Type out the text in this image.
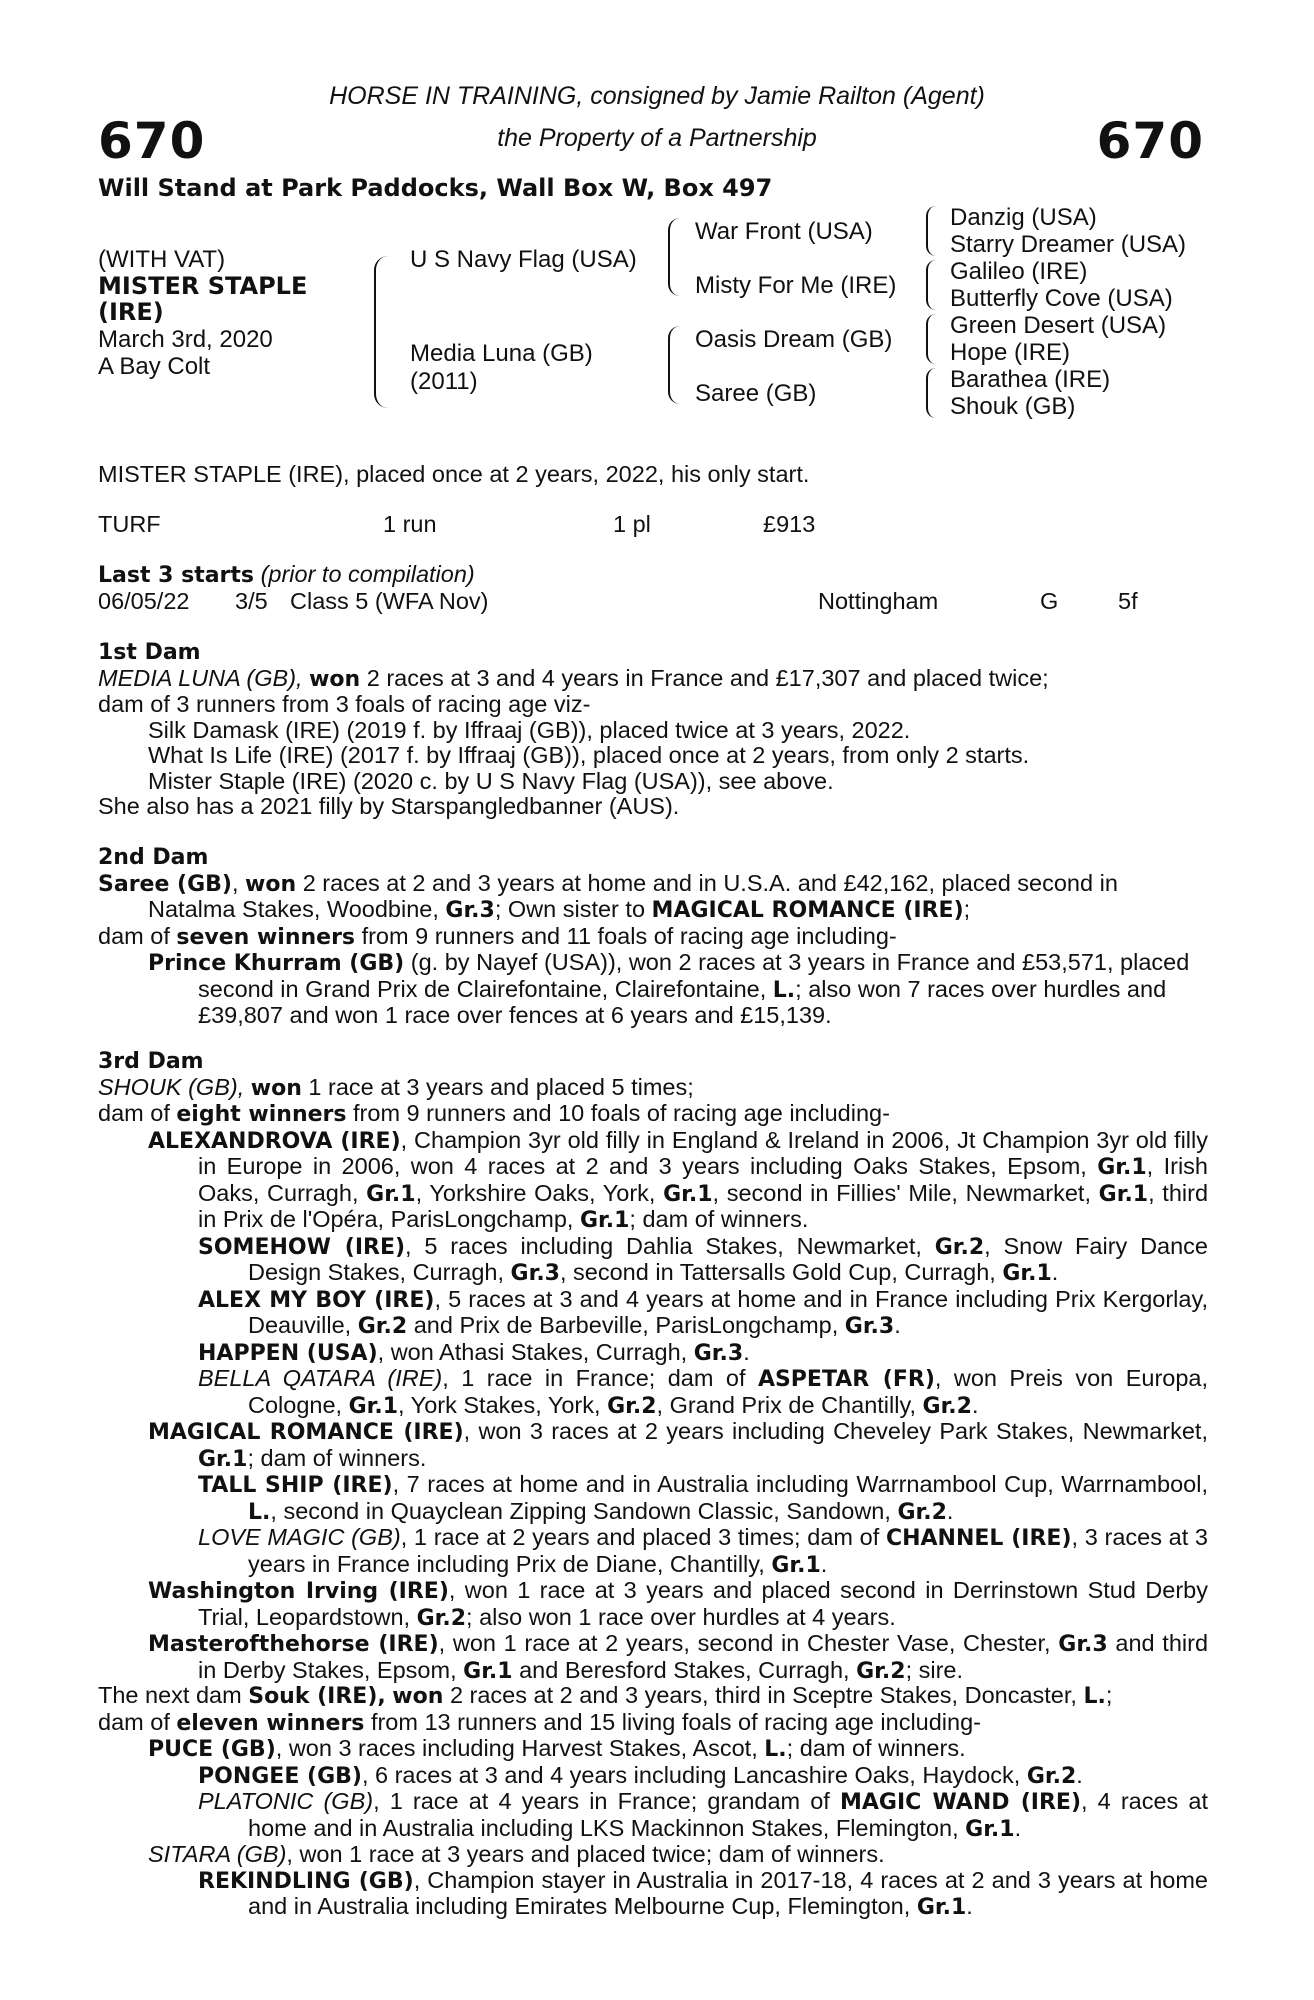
670	670
HORSE IN TRAINING, consigned by Jamie Railton (Agent)
the Property of a Partnership
Will Stand at Park Paddocks, Wall Box W, Box 497
(WITH VAT)
MISTER STAPLE
(IRE)
March 3rd, 2020
A Bay Colt
U S Navy Flag (USA)
Media Luna (GB)
(2011)
War Front (USA)
Misty For Me (IRE)
Oasis Dream (GB)
Saree (GB)
Danzig (USA)
Starry Dreamer (USA)
Galileo (IRE)
Butterfly Cove (USA)
Green Desert (USA)
Hope (IRE)
Barathea (IRE)
Shouk (GB)
MISTER STAPLE (IRE), placed once at 2 years, 2022, his only start.
TURF	1 run	1 pl	£913
Last 3 starts (prior to compilation)
06/05/22	3/5 Class 5 (WFA Nov)	Nottingham	G	5f
1st Dam
MEDIA LUNA (GB), won 2 races at 3 and 4 years in France and £17,307 and placed twice;
dam of 3 runners from 3 foals of racing age viz-
Silk Damask (IRE) (2019 f. by Iffraaj (GB)), placed twice at 3 years, 2022.
What Is Life (IRE) (2017 f. by Iffraaj (GB)), placed once at 2 years, from only 2 starts.
Mister Staple (IRE) (2020 c. by U S Navy Flag (USA)), see above.
She also has a 2021 filly by Starspangledbanner (AUS).
2nd Dam
Saree (GB), won 2 races at 2 and 3 years at home and in U.S.A. and £42,162, placed second in Natalma Stakes, Woodbine, Gr.3; Own sister to MAGICAL ROMANCE (IRE);
dam of seven winners from 9 runners and 11 foals of racing age including-
Prince Khurram (GB) (g. by Nayef (USA)), won 2 races at 3 years in France and £53,571, placed second in Grand Prix de Clairefontaine, Clairefontaine, L.; also won 7 races over hurdles and £39,807 and won 1 race over fences at 6 years and £15,139.
3rd Dam
SHOUK (GB), won 1 race at 3 years and placed 5 times;
dam of eight winners from 9 runners and 10 foals of racing age including-
ALEXANDROVA (IRE), Champion 3yr old filly in England & Ireland in 2006, Jt Champion 3yr old filly in Europe in 2006, won 4 races at 2 and 3 years including Oaks Stakes, Epsom, Gr.1, Irish Oaks, Curragh, Gr.1, Yorkshire Oaks, York, Gr.1, second in Fillies' Mile, Newmarket, Gr.1, third in Prix de l'Opéra, ParisLongchamp, Gr.1; dam of winners.
SOMEHOW (IRE), 5 races including Dahlia Stakes, Newmarket, Gr.2, Snow Fairy Dance Design Stakes, Curragh, Gr.3, second in Tattersalls Gold Cup, Curragh, Gr.1.
ALEX MY BOY (IRE), 5 races at 3 and 4 years at home and in France including Prix Kergorlay, Deauville, Gr.2 and Prix de Barbeville, ParisLongchamp, Gr.3.
HAPPEN (USA), won Athasi Stakes, Curragh, Gr.3.
BELLA QATARA (IRE), 1 race in France; dam of ASPETAR (FR), won Preis von Europa, Cologne, Gr.1, York Stakes, York, Gr.2, Grand Prix de Chantilly, Gr.2.
MAGICAL ROMANCE (IRE), won 3 races at 2 years including Cheveley Park Stakes, Newmarket, Gr.1; dam of winners.
TALL SHIP (IRE), 7 races at home and in Australia including Warrnambool Cup, Warrnambool, L., second in Quayclean Zipping Sandown Classic, Sandown, Gr.2.
LOVE MAGIC (GB), 1 race at 2 years and placed 3 times; dam of CHANNEL (IRE), 3 races at 3 years in France including Prix de Diane, Chantilly, Gr.1.
Washington Irving (IRE), won 1 race at 3 years and placed second in Derrinstown Stud Derby Trial, Leopardstown, Gr.2; also won 1 race over hurdles at 4 years.
Masterofthehorse (IRE), won 1 race at 2 years, second in Chester Vase, Chester, Gr.3 and third in Derby Stakes, Epsom, Gr.1 and Beresford Stakes, Curragh, Gr.2; sire.
The next dam Souk (IRE), won 2 races at 2 and 3 years, third in Sceptre Stakes, Doncaster, L.;
dam of eleven winners from 13 runners and 15 living foals of racing age including-
PUCE (GB), won 3 races including Harvest Stakes, Ascot, L.; dam of winners.
PONGEE (GB), 6 races at 3 and 4 years including Lancashire Oaks, Haydock, Gr.2.
PLATONIC (GB), 1 race at 4 years in France; grandam of MAGIC WAND (IRE), 4 races at home and in Australia including LKS Mackinnon Stakes, Flemington, Gr.1.
SITARA (GB), won 1 race at 3 years and placed twice; dam of winners.
REKINDLING (GB), Champion stayer in Australia in 2017-18, 4 races at 2 and 3 years at home and in Australia including Emirates Melbourne Cup, Flemington, Gr.1.
